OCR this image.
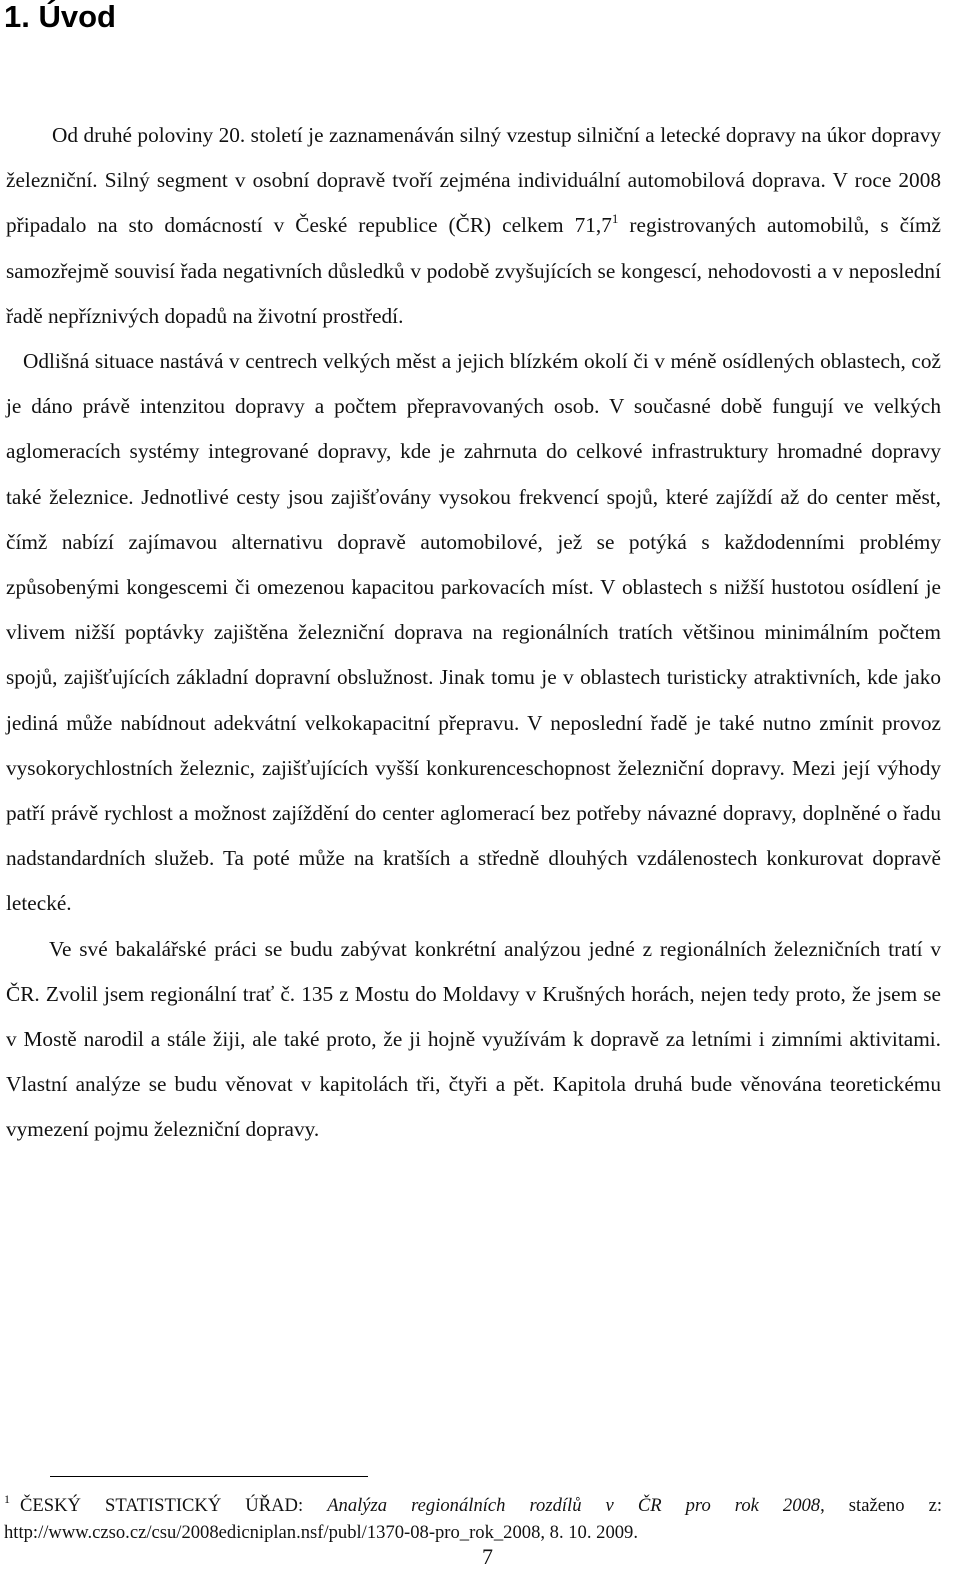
1. Úvod

Od druhé poloviny 20. století je zaznamenáván silný vzestup silniční a letecké dopravy na úkor dopravy železniční. Silný segment v osobní dopravě tvoří zejména individuální automobilová doprava. V roce 2008 připadalo na sto domácností v České republice (ČR) celkem 71,7$^1$ registrovaných automobilů, s čímž samozřejmě souvisí řada negativních důsledků v podobě zvyšujících se kongescí, nehodovosti a v neposlední řadě nepříznivých dopadů na životní prostředí.

Odlišná situace nastává v centrech velkých měst a jejich blízkém okolí či v méně osídlených oblastech, což je dáno právě intenzitou dopravy a počtem přepravovaných osob. V současné době fungují ve velkých aglomeracích systémy integrované dopravy, kde je zahrnuta do celkové infrastruktury hromadné dopravy také železnice. Jednotlivé cesty jsou zajišťovány vysokou frekvencí spojů, které zajíždí až do center měst, čímž nabízí zajímavou alternativu dopravě automobilové, jež se potýká s každodenními problémy způsobenými kongescemi či omezenou kapacitou parkovacích míst. V oblastech s nižší hustotou osídlení je vlivem nižší poptávky zajištěna železniční doprava na regionálních tratích většinou minimálním počtem spojů, zajišťujících základní dopravní obslužnost. Jinak tomu je v oblastech turisticky atraktivních, kde jako jediná může nabídnout adekvátní velkokapacitní přepravu. V neposlední řadě je také nutno zmínit provoz vysokorychlostních železnic, zajišťujících vyšší konkurenceschopnost železniční dopravy. Mezi její výhody patří právě rychlost a možnost zajíždění do center aglomerací bez potřeby návazné dopravy, doplněné o řadu nadstandardních služeb. Ta poté může na kratších a středně dlouhých vzdálenostech konkurovat dopravě letecké.

Ve své bakalářské práci se budu zabývat konkrétní analýzou jedné z regionálních železničních tratí v ČR. Zvolil jsem regionální trať č. 135 z Mostu do Moldavy v Krušných horách, nejen tedy proto, že jsem se v Mostě narodil a stále žiji, ale také proto, že ji hojně využívám k dopravě za letními i zimními aktivitami. Vlastní analýze se budu věnovat v kapitolách tři, čtyři a pět. Kapitola druhá bude věnována teoretickému vymezení pojmu železniční dopravy.

$^1$ ČESKÝ STATISTICKÝ ÚŘAD: Analýza regionálních rozdílů v ČR pro rok 2008, staženo z: http://www.czso.cz/csu/2008edicniplan.nsf/publ/1370-08-pro_rok_2008, 8. 10. 2009.

7
